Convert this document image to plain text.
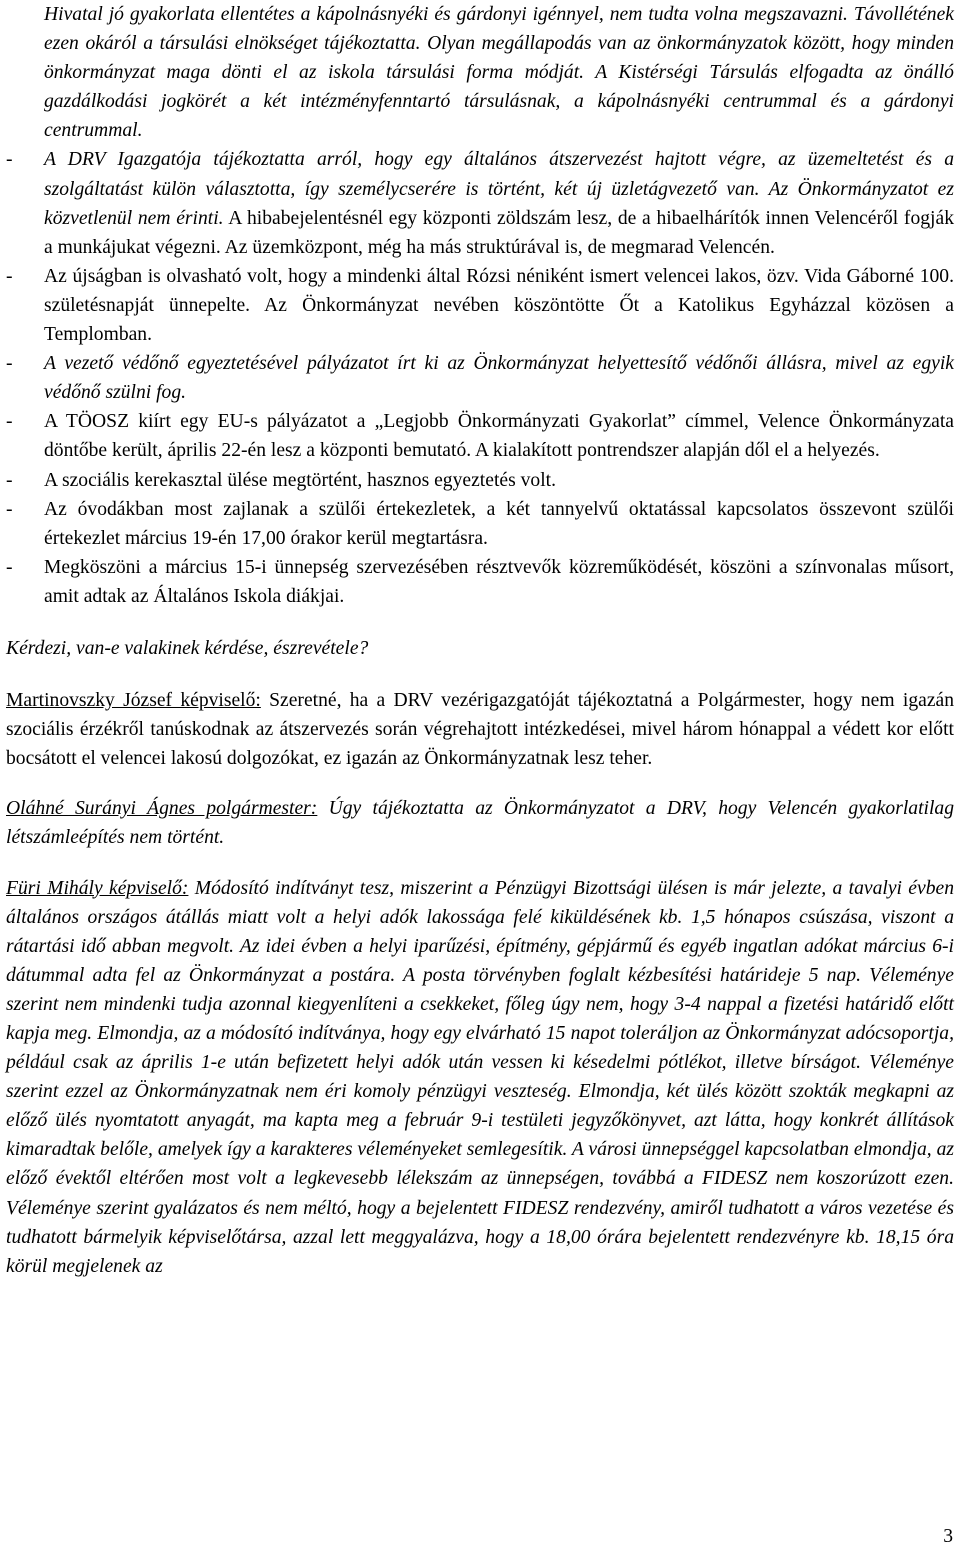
Hivatal jó gyakorlata ellentétes a kápolnásnyéki és gárdonyi igénnyel, nem tudta volna megszavazni. Távollétének ezen okáról a társulási elnökséget tájékoztatta. Olyan megállapodás van az önkormányzatok között, hogy minden önkormányzat maga dönti el az iskola társulási forma módját. A Kistérségi Társulás elfogadta az önálló gazdálkodási jogkörét a két intézményfenntartó társulásnak, a kápolnásnyéki centrummal és a gárdonyi centrummal.
- A DRV Igazgatója tájékoztatta arról, hogy egy általános átszervezést hajtott végre, az üzemeltetést és a szolgáltatást külön választotta, így személycserére is történt, két új üzletágvezető van. Az Önkormányzatot ez közvetlenül nem érinti. A hibabejelentésnél egy központi zöldszám lesz, de a hibaelhárítók innen Velencéről fogják a munkájukat végezni. Az üzemközpont, még ha más struktúrával is, de megmarad Velencén.
- Az újságban is olvasható volt, hogy a mindenki által Rózsi néniként ismert velencei lakos, özv. Vida Gáborné 100. születésnapját ünnepelte. Az Önkormányzat nevében köszöntötte Őt a Katolikus Egyházzal közösen a Templomban.
- A vezető védőnő egyeztetésével pályázatot írt ki az Önkormányzat helyettesítő védőnői állásra, mivel az egyik védőnő szülni fog.
- A TÖOSZ kiírt egy EU-s pályázatot a „Legjobb Önkormányzati Gyakorlat” címmel, Velence Önkormányzata döntőbe került, április 22-én lesz a központi bemutató. A kialakított pontrendszer alapján dől el a helyezés.
- A szociális kerekasztal ülése megtörtént, hasznos egyeztetés volt.
- Az óvodákban most zajlanak a szülői értekezletek, a két tannyelvű oktatással kapcsolatos összevont szülői értekezlet március 19-én 17,00 órakor kerül megtartásra.
- Megköszöni a március 15-i ünnepség szervezésében résztvevők közreműködését, köszöni a színvonalas műsort, amit adtak az Általános Iskola diákjai.
Kérdezi, van-e valakinek kérdése, észrevétele?
Martinovszky József képviselő: Szeretné, ha a DRV vezérigazgatóját tájékoztatná a Polgármester, hogy nem igazán szociális érzékről tanúskodnak az átszervezés során végrehajtott intézkedései, mivel három hónappal a védett kor előtt bocsátott el velencei lakosú dolgozókat, ez igazán az Önkormányzatnak lesz teher.
Oláhné Surányi Ágnes polgármester: Úgy tájékoztatta az Önkormányzatot a DRV, hogy Velencén gyakorlatilag létszámleépítés nem történt.
Füri Mihály képviselő: Módosító indítványt tesz, miszerint a Pénzügyi Bizottsági ülésen is már jelezte, a tavalyi évben általános országos átállás miatt volt a helyi adók lakossága felé kiküldésének kb. 1,5 hónapos csúszása, viszont a rátartási idő abban megvolt. Az idei évben a helyi iparűzési, építmény, gépjármű és egyéb ingatlan adókat március 6-i dátummal adta fel az Önkormányzat a postára. A posta törvényben foglalt kézbesítési határideje 5 nap. Véleménye szerint nem mindenki tudja azonnal kiegyenlíteni a csekkeket, főleg úgy nem, hogy 3-4 nappal a fizetési határidő előtt kapja meg. Elmondja, az a módosító indítványa, hogy egy elvárható 15 napot toleráljon az Önkormányzat adócsoportja, például csak az április 1-e után befizetett helyi adók után vessen ki késedelmi pótlékot, illetve bírságot. Véleménye szerint ezzel az Önkormányzatnak nem éri komoly pénzügyi veszteség. Elmondja, két ülés között szokták megkapni az előző ülés nyomtatott anyagát, ma kapta meg a február 9-i testületi jegyzőkönyvet, azt látta, hogy konkrét állítások kimaradtak belőle, amelyek így a karakteres véleményeket semlegesítik. A városi ünnepséggel kapcsolatban elmondja, az előző évektől eltérően most volt a legkevesebb lélekszám az ünnepségen, továbbá a FIDESZ nem koszorúzott ezen. Véleménye szerint gyalázatos és nem méltó, hogy a bejelentett FIDESZ rendezvény, amiről tudhatott a város vezetése és tudhatott bármelyik képviselőtársa, azzal lett meggyalázva, hogy a 18,00 órára bejelentett rendezvényre kb. 18,15 óra körül megjelenek az
3
